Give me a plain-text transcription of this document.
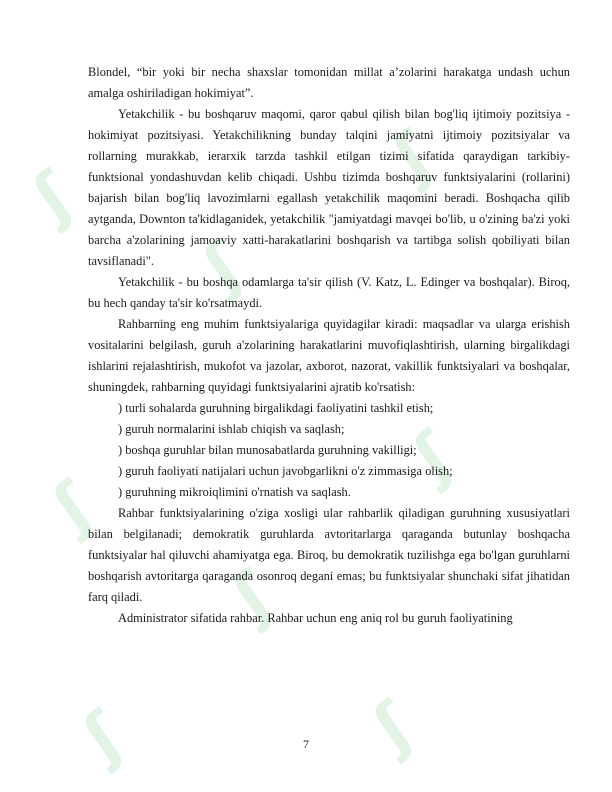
ʃ
ʃ
ʃ
ʃ
ʃ
ʃ
ʃ	ʃ

Blondel, “bir yoki bir necha shaxslar tomonidan millat a’zolarini harakatga undash uchun amalga oshiriladigan hokimiyat”.

Yetakchilik - bu boshqaruv maqomi, qaror qabul qilish bilan bog'liq ijtimoiy pozitsiya - hokimiyat pozitsiyasi. Yetakchilikning bunday talqini jamiyatni ijtimoiy pozitsiyalar va rollarning murakkab, ierarxik tarzda tashkil etilgan tizimi sifatida qaraydigan tarkibiy-funktsional yondashuvdan kelib chiqadi. Ushbu tizimda boshqaruv funktsiyalarini (rollarini) bajarish bilan bog'liq lavozimlarni egallash yetakchilik maqomini beradi. Boshqacha qilib aytganda, Downton ta'kidlaganidek, yetakchilik "jamiyatdagi mavqei bo'lib, u o'zining ba'zi yoki barcha a'zolarining jamoaviy xatti-harakatlarini boshqarish va tartibga solish qobiliyati bilan tavsiflanadi".

Yetakchilik - bu boshqa odamlarga ta'sir qilish (V. Katz, L. Edinger va boshqalar). Biroq, bu hech qanday ta'sir ko'rsatmaydi.

Rahbarning eng muhim funktsiyalariga quyidagilar kiradi: maqsadlar va ularga erishish vositalarini belgilash, guruh a'zolarining harakatlarini muvofiqlashtirish, ularning birgalikdagi ishlarini rejalashtirish, mukofot va jazolar, axborot, nazorat, vakillik funktsiyalari va boshqalar, shuningdek, rahbarning quyidagi funktsiyalarini ajratib ko'rsatish:

) turli sohalarda guruhning birgalikdagi faoliyatini tashkil etish;

) guruh normalarini ishlab chiqish va saqlash;

) boshqa guruhlar bilan munosabatlarda guruhning vakilligi;

) guruh faoliyati natijalari uchun javobgarlikni o'z zimmasiga olish;

) guruhning mikroiqlimini o'rnatish va saqlash.

Rahbar funktsiyalarining o'ziga xosligi ular rahbarlik qiladigan guruhning xususiyatlari bilan belgilanadi; demokratik guruhlarda avtoritarlarga qaraganda butunlay boshqacha funktsiyalar hal qiluvchi ahamiyatga ega. Biroq, bu demokratik tuzilishga ega bo'lgan guruhlarni boshqarish avtoritarga qaraganda osonroq degani emas; bu funktsiyalar shunchaki sifat jihatidan farq qiladi.

Administrator sifatida rahbar. Rahbar uchun eng aniq rol bu guruh faoliyatining

7
